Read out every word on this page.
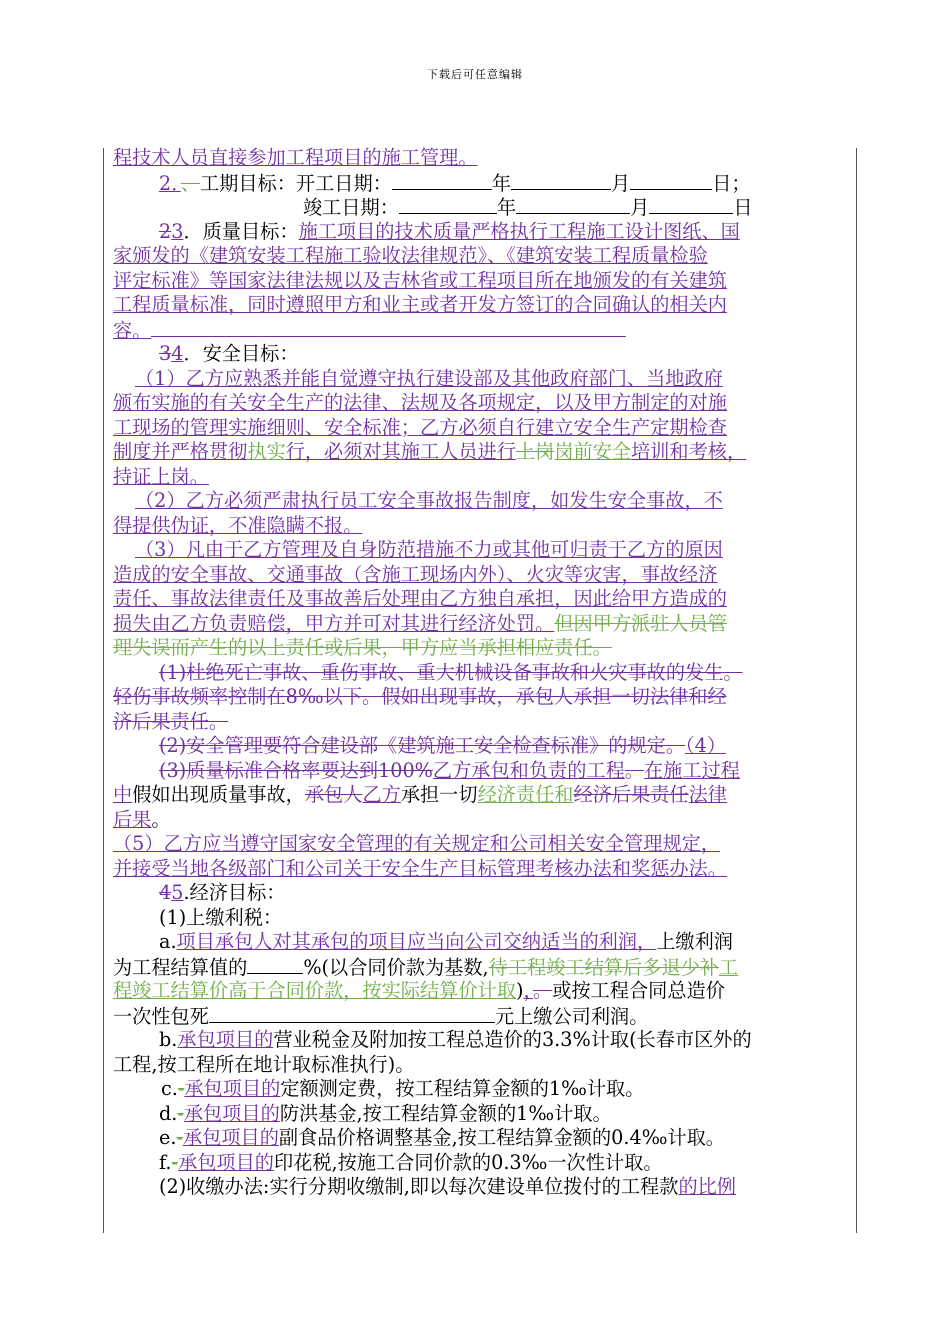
下载后可任意编辑
程技术人员直接参加工程项目的施工管理。
2．、工期目标：开工日期：	年	月	日；
竣工日期：	年	月	日
23．质量目标：施工项目的技术质量严格执行工程施工设计图纸、国
家颁发的《建筑安装工程施工验收法律规范》、《建筑安装工程质量检验
评定标准》等国家法律法规以及吉林省或工程项目所在地颁发的有关建筑
工程质量标准，同时遵照甲方和业主或者开发方签订的合同确认的相关内
容。
34．安全目标：
（1）乙方应熟悉并能自觉遵守执行建设部及其他政府部门、当地政府
颁布实施的有关安全生产的法律、法规及各项规定，以及甲方制定的对施
工现场的管理实施细则、安全标准；乙方必须自行建立安全生产定期检查
制度并严格贯彻执实行，必须对其施工人员进行上岗岗前安全培训和考核，
持证上岗。
（2）乙方必须严肃执行员工安全事故报告制度，如发生安全事故，不
得提供伪证，不准隐瞒不报。
（3）凡由于乙方管理及自身防范措施不力或其他可归责于乙方的原因
造成的安全事故、交通事故（含施工现场内外）、火灾等灾害，事故经济
责任、事故法律责任及事故善后处理由乙方独自承担，因此给甲方造成的
损失由乙方负责赔偿，甲方并可对其进行经济处罚。但因甲方派驻人员管
理失误而产生的以上责任或后果，甲方应当承担相应责任。
(1)杜绝死亡事故、重伤事故、重大机械设备事故和火灾事故的发生。
轻伤事故频率控制在8‰以下。假如出现事故，承包人承担一切法律和经
济后果责任。
(2)安全管理要符合建设部《建筑施工安全检查标准》的规定。（4）
(3)质量标准合格率要达到100%乙方承包和负责的工程。在施工过程
中假如出现质量事故，承包人乙方承担一切经济责任和经济后果责任法律
后果。
（5）乙方应当遵守国家安全管理的有关规定和公司相关安全管理规定，
并接受当地各级部门和公司关于安全生产目标管理考核办法和奖惩办法。
45.经济目标：
(1)上缴利税：
a.项目承包人对其承包的项目应当向公司交纳适当的利润，上缴利润
为工程结算值的	%(以合同价款为基数,待工程竣工结算后多退少补工
程竣工结算价高于合同价款，按实际结算价计取)，。或按工程合同总造价
一次性包死	元上缴公司利润。
b.承包项目的营业税金及附加按工程总造价的3.3%计取(长春市区外的
工程,按工程所在地计取标准执行)。
c.-承包项目的定额测定费，按工程结算金额的1‰计取。
d.-承包项目的防洪基金,按工程结算金额的1‰计取。
e.-承包项目的副食品价格调整基金,按工程结算金额的0.4‰计取。
f.-承包项目的印花税,按施工合同价款的0.3‰一次性计取。
(2)收缴办法:实行分期收缴制,即以每次建设单位拨付的工程款的比例
